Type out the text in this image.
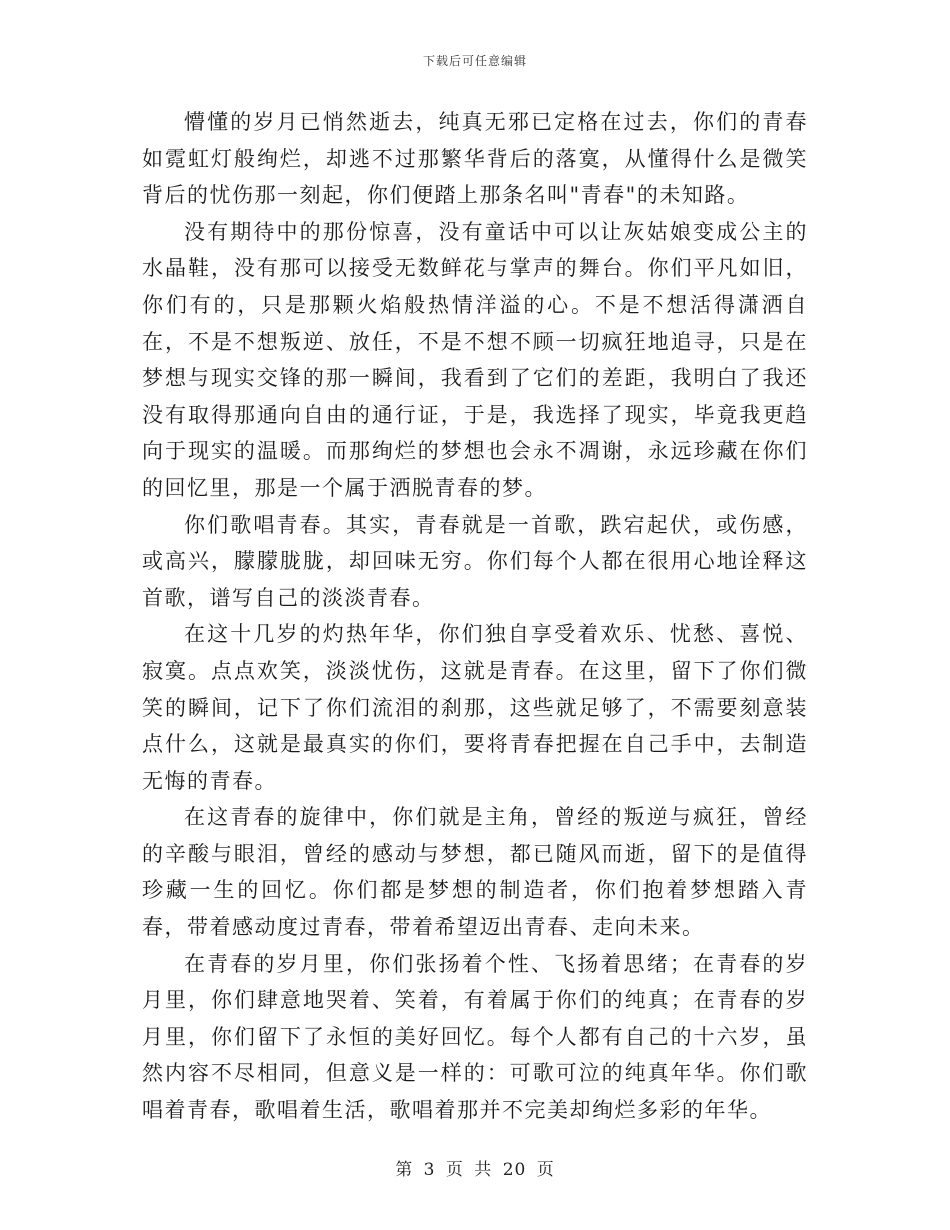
下载后可任意编辑

懵懂的岁月已悄然逝去，纯真无邪已定格在过去，你们的青春如霓虹灯般绚烂，却逃不过那繁华背后的落寞，从懂得什么是微笑背后的忧伤那一刻起，你们便踏上那条名叫"青春"的未知路。

没有期待中的那份惊喜，没有童话中可以让灰姑娘变成公主的水晶鞋，没有那可以接受无数鲜花与掌声的舞台。你们平凡如旧，你们有的，只是那颗火焰般热情洋溢的心。不是不想活得潇洒自在，不是不想叛逆、放任，不是不想不顾一切疯狂地追寻，只是在梦想与现实交锋的那一瞬间，我看到了它们的差距，我明白了我还没有取得那通向自由的通行证，于是，我选择了现实，毕竟我更趋向于现实的温暖。而那绚烂的梦想也会永不凋谢，永远珍藏在你们的回忆里，那是一个属于洒脱青春的梦。

你们歌唱青春。其实，青春就是一首歌，跌宕起伏，或伤感，或高兴，朦朦胧胧，却回味无穷。你们每个人都在很用心地诠释这首歌，谱写自己的淡淡青春。

在这十几岁的灼热年华，你们独自享受着欢乐、忧愁、喜悦、寂寞。点点欢笑，淡淡忧伤，这就是青春。在这里，留下了你们微笑的瞬间，记下了你们流泪的刹那，这些就足够了，不需要刻意装点什么，这就是最真实的你们，要将青春把握在自己手中，去制造无悔的青春。

在这青春的旋律中，你们就是主角，曾经的叛逆与疯狂，曾经的辛酸与眼泪，曾经的感动与梦想，都已随风而逝，留下的是值得珍藏一生的回忆。你们都是梦想的制造者，你们抱着梦想踏入青春，带着感动度过青春，带着希望迈出青春、走向未来。

在青春的岁月里，你们张扬着个性、飞扬着思绪；在青春的岁月里，你们肆意地哭着、笑着，有着属于你们的纯真；在青春的岁月里，你们留下了永恒的美好回忆。每个人都有自己的十六岁，虽然内容不尽相同，但意义是一样的：可歌可泣的纯真年华。你们歌唱着青春，歌唱着生活，歌唱着那并不完美却绚烂多彩的年华。

第 3 页 共 20 页
